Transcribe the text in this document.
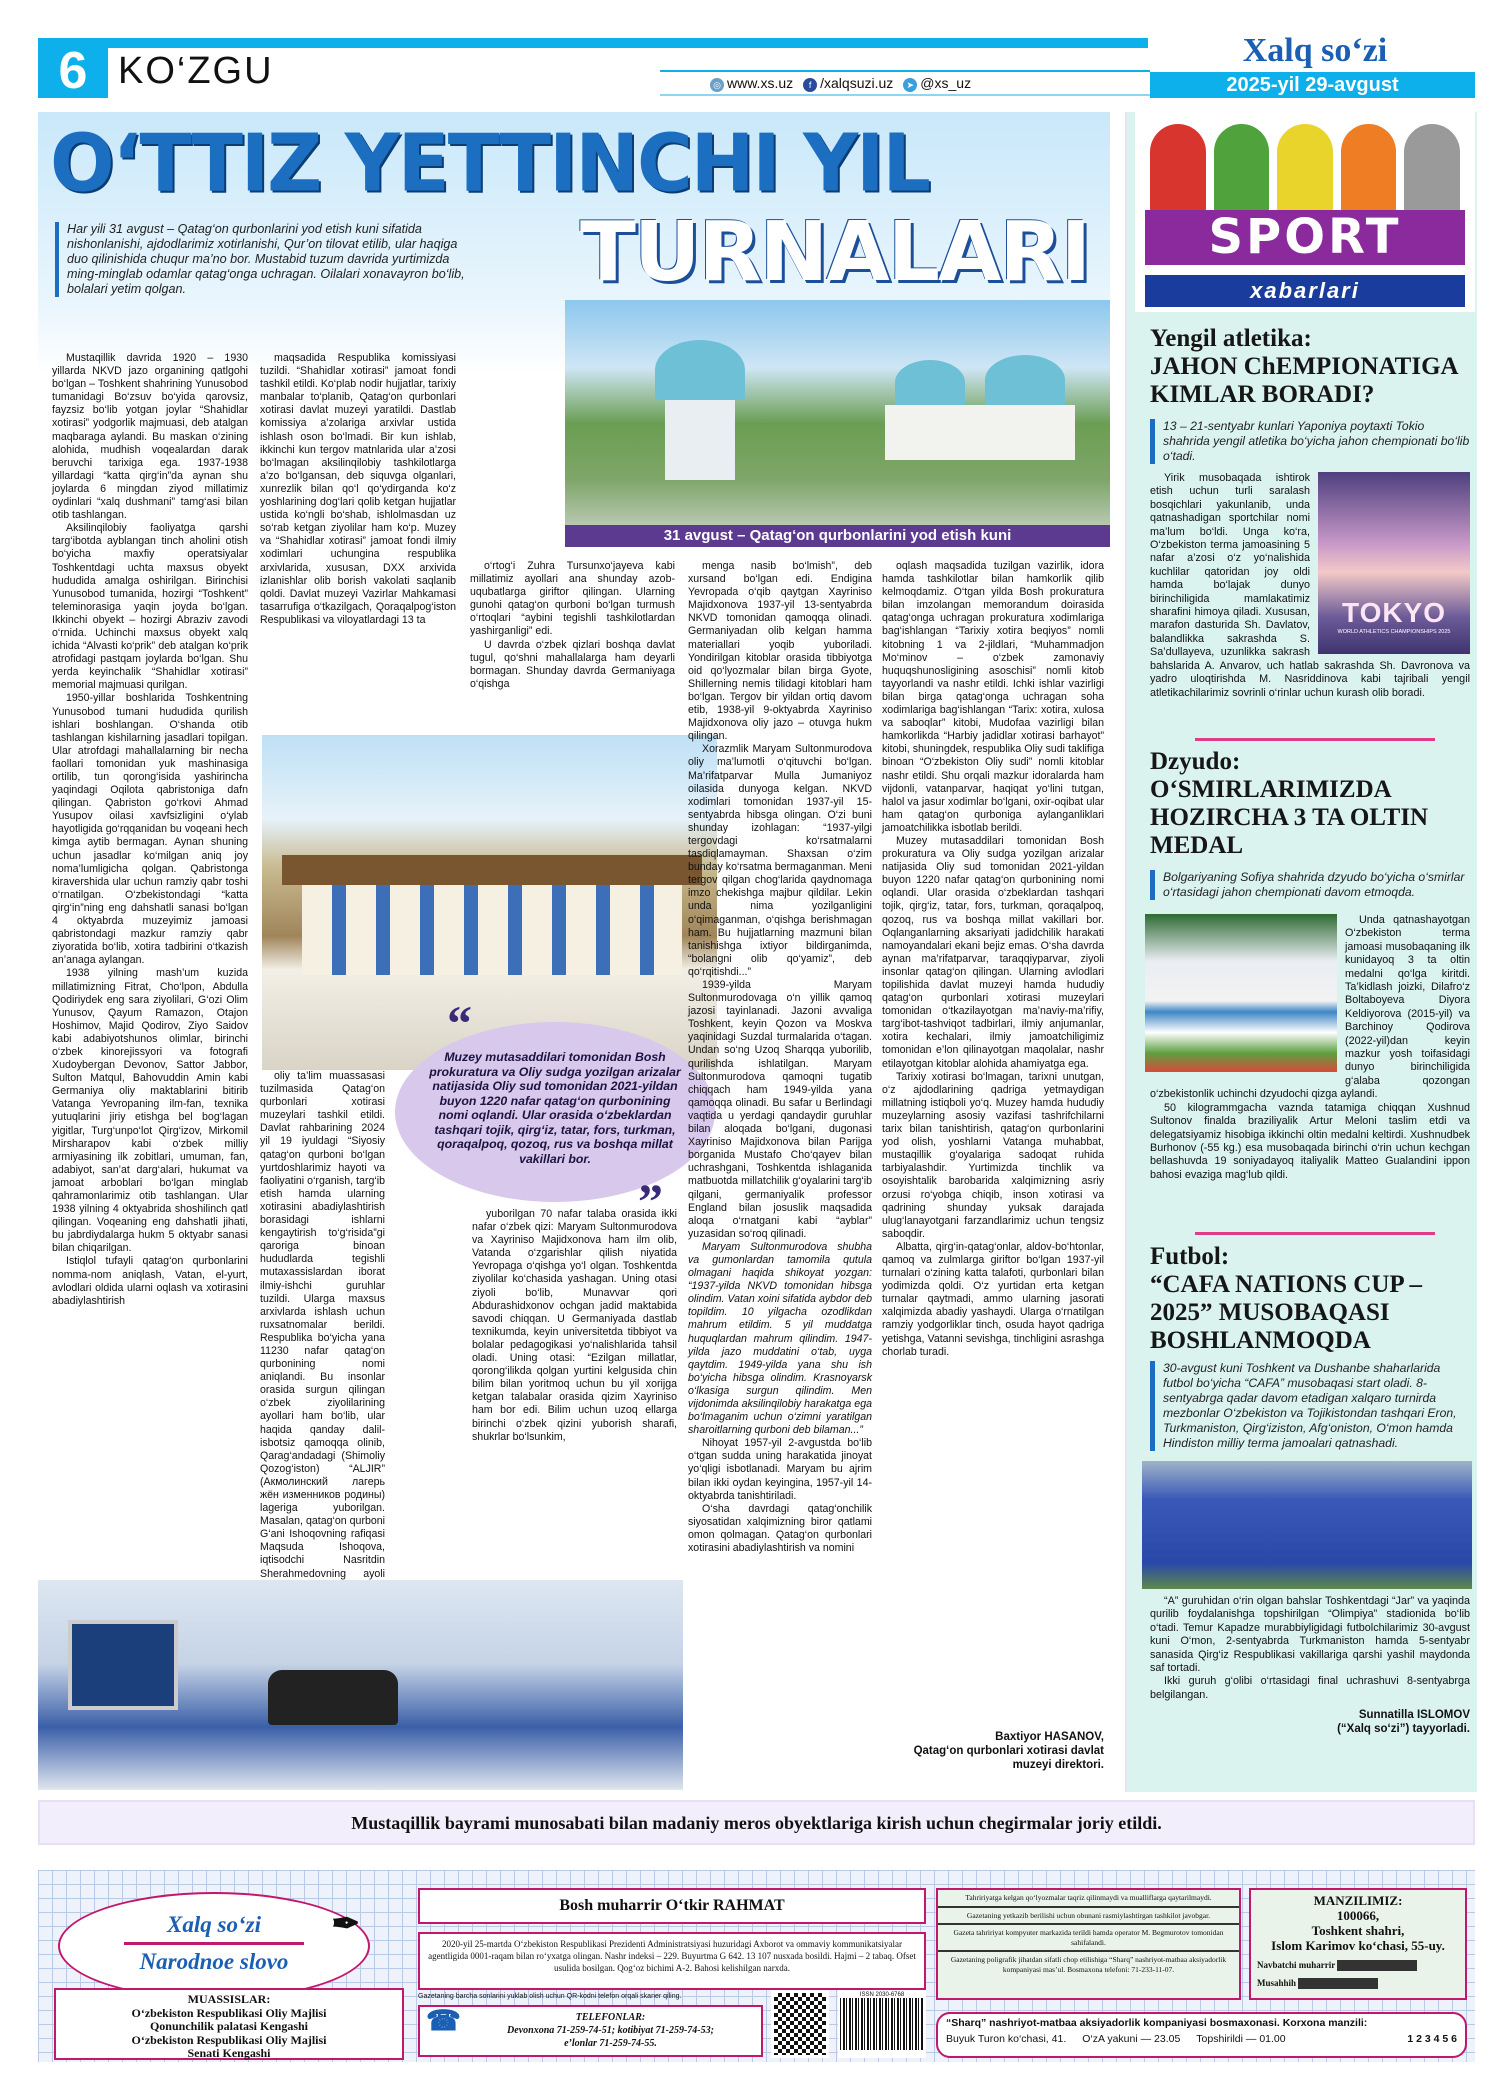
6 KO‘ZGU	◎ www.xs.uz	f /xalqsuzi.uz	➤ @xs_uz
Xalq so‘zi
2025-yil 29-avgust
O‘TTIZ YETTINCHI YIL
TURNALARI
Har yili 31 avgust – Qatag‘on qurbonlarini yod etish kuni sifatida nishonlanishi, ajdodlarimiz xotirlanishi, Qur’on tilovat etilib, ular haqiga duo qilinishida chuqur ma’no bor. Mustabid tuzum davrida yurtimizda ming-minglab odamlar qatag‘onga uchragan. Oilalari xonavayron bo‘lib, bolalari yetim qolgan.
31 avgust – Qatag‘on qurbonlarini yod etish kuni

Mustaqillik davrida 1920 – 1930 yillarda NKVD jazo organining qatlgohi bo‘lgan – Toshkent shahrining Yunusobod tumanidagi Bo‘zsuv bo‘yida qarovsiz, fayzsiz bo‘lib yotgan joylar “Shahidlar xotirasi” yodgorlik majmuasi, deb atalgan maqbaraga aylandi. Bu maskan o‘zining alohida, mudhish voqealardan darak beruvchi tarixiga ega. 1937-1938 yillardagi “katta qirg‘in”da aynan shu joylarda 6 mingdan ziyod millatimiz oydinlari “xalq dushmani” tamg‘asi bilan otib tashlangan.

Aksilinqilobiy faoliyatga qarshi targ‘ibotda ayblangan tinch aholini otish bo‘yicha maxfiy operatsiyalar Toshkentdagi uchta maxsus obyekt hududida amalga oshirilgan. Birinchisi Yunusobod tumanida, hozirgi “Toshkent” teleminorasiga yaqin joyda bo‘lgan. Ikkinchi obyekt – hozirgi Abraziv zavodi o‘rnida. Uchinchi maxsus obyekt xalq ichida “Alvasti ko‘prik” deb atalgan ko‘prik atrofidagi pastqam joylarda bo‘lgan. Shu yerda keyinchalik “Shahidlar xotirasi” memorial majmuasi qurilgan.

1950-yillar boshlarida Toshkentning Yunusobod tumani hududida qurilish ishlari boshlangan. O‘shanda otib tashlangan kishilarning jasadlari topilgan. Ular atrofdagi mahallalarning bir necha faollari tomonidan yuk mashinasiga ortilib, tun qorong‘isida yashirincha yaqindagi Oqilota qabristoniga dafn qilingan. Qabriston go‘rkovi Ahmad Yusupov oilasi xavfsizligini o‘ylab hayotligida go‘rqqanidan bu voqeani hech kimga aytib bermagan. Aynan shuning uchun jasadlar ko‘milgan aniq joy noma’lumligicha qolgan. Qabristonga kiravershida ular uchun ramziy qabr toshi o‘rnatilgan. O‘zbekistondagi “katta qirg‘in”ning eng dahshatli sanasi bo‘lgan 4 oktyabrda muzeyimiz jamoasi qabristondagi mazkur ramziy qabr ziyoratida bo‘lib, xotira tadbirini o‘tkazish an’anaga aylangan.

1938 yilning mash’um kuzida millatimizning Fitrat, Cho‘lpon, Abdulla Qodiriydek eng sara ziyolilari, G‘ozi Olim Yunusov, Qayum Ramazon, Otajon Hoshimov, Majid Qodirov, Ziyo Saidov kabi adabiyotshunos olimlar, birinchi o‘zbek kinorejissyori va fotografi Xudoybergan Devonov, Sattor Jabbor, Sulton Matqul, Bahovuddin Amin kabi Germaniya oliy maktablarini bitirib Vatanga Yevropaning ilm-fan, texnika yutuqlarini jiriy etishga bel bog‘lagan yigitlar, Turg‘unpo‘lot Qirg‘izov, Mirkomil Mirsharapov kabi o‘zbek milliy armiyasining ilk zobitlari, umuman, fan, adabiyot, san’at darg‘alari, hukumat va jamoat arboblari bo‘lgan minglab qahramonlarimiz otib tashlangan. Ular 1938 yilning 4 oktyabrida shoshilinch qatl qilingan. Voqeaning eng dahshatli jihati, bu jabrdiydalarga hukm 5 oktyabr sanasi bilan chiqarilgan.

Istiqlol tufayli qatag‘on qurbonlarini nomma-nom aniqlash, Vatan, el-yurt, avlodlari oldida ularni oqlash va xotirasini abadiylashtirish

maqsadida Respublika komissiyasi tuzildi. “Shahidlar xotirasi” jamoat fondi tashkil etildi. Ko‘plab nodir hujjatlar, tarixiy manbalar to‘planib, Qatag‘on qurbonlari xotirasi davlat muzeyi yaratildi. Dastlab komissiya a’zolariga arxivlar ustida ishlash oson bo‘lmadi. Bir kun ishlab, ikkinchi kun tergov matnlarida ular a’zosi bo‘lmagan aksilinqilobiy tashkilotlarga a’zo bo‘lgansan, deb siquvga olganlari, xunrezlik bilan qo‘l qo‘ydirganda ko‘z yoshlarining dog‘lari qolib ketgan hujjatlar ustida ko‘ngli bo‘shab, ishlolmasdan uz so‘rab ketgan ziyolilar ham ko‘p. Muzey va “Shahidlar xotirasi” jamoat fondi ilmiy xodimlari uchungina respublika arxivlarida, xususan, DXX arxivida izlanishlar olib borish vakolati saqlanib qoldi. Davlat muzeyi Vazirlar Mahkamasi tasarrufiga o‘tkazilgach, Qoraqalpog‘iston Respublikasi va viloyatlardagi 13 ta

o‘rtog‘i Zuhra Tursunxo‘jayeva kabi millatimiz ayollari ana shunday azob-uqubatlarga giriftor qilingan. Ularning gunohi qatag‘on qurboni bo‘lgan turmush o‘rtoqlari “aybini tegishli tashkilotlardan yashirganligi” edi.

U davrda o‘zbek qizlari boshqa davlat tugul, qo‘shni mahallalarga ham deyarli bormagan. Shunday davrda Germaniyaga o‘qishga

oliy ta’lim muassasasi tuzilmasida Qatag‘on qurbonlari xotirasi muzeylari tashkil etildi. Davlat rahbarining 2024 yil 19 iyuldagi “Siyosiy qatag‘on qurboni bo‘lgan yurtdoshlarimiz hayoti va faoliyatini o‘rganish, targ‘ib etish hamda ularning xotirasini abadiylashtirish borasidagi ishlarni kengaytirish to‘g‘risida”gi qaroriga binoan hududlarda tegishli mutaxassislardan iborat ilmiy-ishchi guruhlar tuzildi. Ularga maxsus arxivlarda ishlash uchun ruxsatnomalar berildi. Respublika bo‘yicha yana 11230 nafar qatag‘on qurbonining nomi aniqlandi. Bu insonlar orasida surgun qilingan o‘zbek ziyolilarining ayollari ham bo‘lib, ular haqida qanday dalil-isbotsiz qamoqqa olinib, Qarag‘andadagi (Shimoliy Qozog‘iston) “ALJIR” (Акмолинский лагерь жён изменников родины) lageriga yuborilgan. Masalan, qatag‘on qurboni G‘ani Ishoqovning rafiqasi Maqsuda Ishoqova, iqtisodchi Nasritdin Sherahmedovning ayoli

“
Muzey mutasaddilari tomonidan Bosh prokuratura va Oliy sudga yozilgan arizalar natijasida Oliy sud tomonidan 2021-yildan buyon 1220 nafar qatag‘on qurbonining nomi oqlandi. Ular orasida o‘zbeklardan tashqari tojik, qirg‘iz, tatar, fors, turkman, qoraqalpoq, qozoq, rus va boshqa millat vakillari bor.
”

yuborilgan 70 nafar talaba orasida ikki nafar o‘zbek qizi: Maryam Sultonmurodova va Xayriniso Majidxonova ham ilm olib, Vatanda o‘zgarishlar qilish niyatida Yevropaga o‘qishga yo‘l olgan. Toshkentda ziyolilar ko‘chasida yashagan. Uning otasi ziyoli bo‘lib, Munavvar qori Abdurashidxonov ochgan jadid maktabida savodi chiqqan. U Germaniyada dastlab texnikumda, keyin universitetda tibbiyot va bolalar pedagogikasi yo‘nalishlarida tahsil oladi. Uning otasi: “Ezilgan millatlar, qorong‘ilikda qolgan yurtini kelgusida chin bilim bilan yoritmoq uchun bu yil xorijga ketgan talabalar orasida qizim Xayriniso ham bor edi. Bilim uchun uzoq ellarga birinchi o‘zbek qizini yuborish sharafi, shukrlar bo‘lsunkim,

menga nasib bo‘lmish”, deb xursand bo‘lgan edi. Endigina Yevropada o‘qib qaytgan Xayriniso Majidxonova 1937-yil 13-sentyabrda NKVD tomonidan qamoqqa olinadi. Germaniyadan olib kelgan hamma materiallari yoqib yuboriladi. Yondirilgan kitoblar orasida tibbiyotga oid qo‘lyozmalar bilan birga Gyote, Shillerning nemis tilidagi kitoblari ham bo‘lgan. Tergov bir yildan ortiq davom etib, 1938-yil 9-oktyabrda Xayriniso Majidxonova oliy jazo – otuvga hukm qilingan.

Xorazmlik Maryam Sultonmurodova oliy ma’lumotli o‘qituvchi bo‘lgan. Ma’rifatparvar Mulla Jumaniyoz oilasida dunyoga kelgan. NKVD xodimlari tomonidan 1937-yil 15-sentyabrda hibsga olingan. O‘zi buni shunday izohlagan: “1937-yilgi tergovdagi ko‘rsatmalarni tasdiqlamayman. Shaxsan o‘zim bunday ko‘rsatma bermaganman. Meni tergov qilgan chog‘larida qaydnomaga imzo chekishga majbur qildilar. Lekin unda nima yozilganligini o‘qimaganman, o‘qishga berishmagan ham. Bu hujjatlarning mazmuni bilan tanishishga ixtiyor bildirganimda, “bolangni olib qo‘yamiz”, deb qo‘rqitishdi...”

1939-yilda Maryam Sultonmurodovaga o‘n yillik qamoq jazosi tayinlanadi. Jazoni avvaliga Toshkent, keyin Qozon va Moskva yaqinidagi Suzdal turmalarida o‘tagan. Undan so‘ng Uzoq Sharqqa yuborilib, qurilishda ishlatilgan. Maryam Sultonmurodova qamoqni tugatib chiqqach ham 1949-yilda yana qamoqqa olinadi. Bu safar u Berlindagi vaqtida u yerdagi qandaydir guruhlar bilan aloqada bo‘lgani, dugonasi Xayriniso Majidxonova bilan Parijga borganida Mustafo Cho‘qayev bilan uchrashgani, Toshkentda ishlaganida matbuotda millatchilik g‘oyalarini targ‘ib qilgani, germaniyalik professor England bilan josuslik maqsadida aloqa o‘rnatgani kabi “ayblar” yuzasidan so‘roq qilinadi.

Maryam Sultonmurodova shubha va gumonlardan tamomila qutula olmagani haqida shikoyat yozgan: “1937-yilda NKVD tomonidan hibsga olindim. Vatan xoini sifatida aybdor deb topildim. 10 yilgacha ozodlikdan mahrum etildim. 5 yil muddatga huquqlardan mahrum qilindim. 1947-yilda jazo muddatini o‘tab, uyga qaytdim. 1949-yilda yana shu ish bo‘yicha hibsga olindim. Krasnoyarsk o‘lkasiga surgun qilindim. Men vijdonimda aksilinqilobiy harakatga ega bo‘lmaganim uchun o‘zimni yaratilgan sharoitlarning qurboni deb bilaman...”

Nihoyat 1957-yil 2-avgustda bo‘lib o‘tgan sudda uning harakatida jinoyat yo‘qligi isbotlanadi. Maryam bu ajrim bilan ikki oydan keyingina, 1957-yil 14-oktyabrda tanishtiriladi.

O‘sha davrdagi qatag‘onchilik siyosatidan xalqimizning biror qatlami omon qolmagan. Qatag‘on qurbonlari xotirasini abadiylashtirish va nomini

oqlash maqsadida tuzilgan vazirlik, idora hamda tashkilotlar bilan hamkorlik qilib kelmoqdamiz. O‘tgan yilda Bosh prokuratura bilan imzolangan memorandum doirasida qatag‘onga uchragan prokuratura xodimlariga bag‘ishlangan “Tarixiy xotira beqiyos” nomli kitobning 1 va 2-jildlari, “Muhammadjon Mo‘minov – o‘zbek zamonaviy huquqshunosligining asoschisi” nomli kitob tayyorlandi va nashr etildi. Ichki ishlar vazirligi bilan birga qatag‘onga uchragan soha xodimlariga bag‘ishlangan “Tarix: xotira, xulosa va saboqlar” kitobi, Mudofaa vazirligi bilan hamkorlikda “Harbiy jadidlar xotirasi barhayot” kitobi, shuningdek, respublika Oliy sudi taklifiga binoan “O‘zbekiston Oliy sudi” nomli kitoblar nashr etildi. Shu orqali mazkur idoralarda ham vijdonli, vatanparvar, haqiqat yo‘lini tutgan, halol va jasur xodimlar bo‘lgani, oxir-oqibat ular ham qatag‘on qurboniga aylanganliklari jamoatchilikka isbotlab berildi.

Muzey mutasaddilari tomonidan Bosh prokuratura va Oliy sudga yozilgan arizalar natijasida Oliy sud tomonidan 2021-yildan buyon 1220 nafar qatag‘on qurbonining nomi oqlandi. Ular orasida o‘zbeklardan tashqari tojik, qirg‘iz, tatar, fors, turkman, qoraqalpoq, qozoq, rus va boshqa millat vakillari bor. Oqlanganlarning aksariyati jadidchilik harakati namoyandalari ekani bejiz emas. O‘sha davrda aynan ma’rifatparvar, taraqqiyparvar, ziyoli insonlar qatag‘on qilingan. Ularning avlodlari topilishida davlat muzeyi hamda hududiy qatag‘on qurbonlari xotirasi muzeylari tomonidan o‘tkazilayotgan ma’naviy-ma’rifiy, targ‘ibot-tashviqot tadbirlari, ilmiy anjumanlar, xotira kechalari, ilmiy jamoatchiligimiz tomonidan e’lon qilinayotgan maqolalar, nashr etilayotgan kitoblar alohida ahamiyatga ega.

Tarixiy xotirasi bo‘lmagan, tarixni unutgan, o‘z ajdodlarining qadriga yetmaydigan millatning istiqboli yo‘q. Muzey hamda hududiy muzeylarning asosiy vazifasi tashrifchilarni tarix bilan tanishtirish, qatag‘on qurbonlarini yod olish, yoshlarni Vatanga muhabbat, mustaqillik g‘oyalariga sadoqat ruhida tarbiyalashdir. Yurtimizda tinchlik va osoyishtalik barobarida xalqimizning asriy orzusi ro‘yobga chiqib, inson xotirasi va qadrining shunday yuksak darajada ulug‘lanayotgani farzandlarimiz uchun tengsiz saboqdir.

Albatta, qirg‘in-qatag‘onlar, aldov-bo‘htonlar, qamoq va zulmlarga giriftor bo‘lgan 1937-yil turnalari o‘zining katta talafoti, qurbonlari bilan yodimizda qoldi. O‘z yurtidan erta ketgan turnalar qaytmadi, ammo ularning jasorati xalqimizda abadiy yashaydi. Ularga o‘rnatilgan ramziy yodgorliklar tinch, osuda hayot qadriga yetishga, Vatanni sevishga, tinchligini asrashga chorlab turadi.

Baxtiyor HASANOV,
Qatag‘on qurbonlari xotirasi davlat muzeyi direktori.
SPORT
xabarlari
Yengil atletika:
JAHON ChEMPIONATIGA KIMLAR BORADI?
13 – 21-sentyabr kunlari Yaponiya poytaxti Tokio shahrida yengil atletika bo‘yicha jahon chempionati bo‘lib o‘tadi.
TOKYO
WORLD ATHLETICS CHAMPIONSHIPS 2025

Yirik musobaqada ishtirok etish uchun turli saralash bosqichlari yakunlanib, unda qatnashadigan sportchilar nomi ma’lum bo‘ldi. Unga ko‘ra, O‘zbekiston terma jamoasining 5 nafar a’zosi o‘z yo‘nalishida kuchlilar qatoridan joy oldi hamda bo‘lajak dunyo birinchiligida mamlakatimiz sharafini himoya qiladi. Xususan, marafon dasturida Sh. Davlatov, balandlikka sakrashda S. Sa’dullayeva, uzunlikka sakrash bahslarida A. Anvarov, uch hatlab sakrashda Sh. Davronova va yadro uloqtirishda M. Nasriddinova kabi tajribali yengil atletikachilarimiz sovrinli o‘rinlar uchun kurash olib boradi.

Dzyudo:
O‘SMIRLARIMIZDA HOZIRCHA 3 TA OLTIN MEDAL
Bolgariyaning Sofiya shahrida dzyudo bo‘yicha o‘smirlar o‘rtasidagi jahon chempionati davom etmoqda.

Unda qatnashayotgan O‘zbekiston terma jamoasi musobaqaning ilk kunidayoq 3 ta oltin medalni qo‘lga kiritdi. Ta’kidlash joizki, Dilafro‘z Boltaboyeva Diyora Keldiyorova (2015-yil) va Barchinoy Qodirova (2022-yil)dan keyin mazkur yosh toifasidagi dunyo birinchiligida g‘alaba qozongan o‘zbekistonlik uchinchi dzyudochi qizga aylandi.

50 kilogrammgacha vaznda tatamiga chiqqan Xushnud Sultonov finalda braziliyalik Artur Meloni taslim etdi va delegatsiyamiz hisobiga ikkinchi oltin medalni keltirdi. Xushnudbek Burhonov (-55 kg.) esa musobaqada birinchi o‘rin uchun kechgan bellashuvda 19 soniyadayoq italiyalik Matteo Gualandini ippon bahosi evaziga mag‘lub qildi.

Futbol:
“CAFA NATIONS CUP – 2025” MUSOBAQASI BOSHLANMOQDA
30-avgust kuni Toshkent va Dushanbe shaharlarida futbol bo‘yicha “CAFA” musobaqasi start oladi. 8-sentyabrga qadar davom etadigan xalqaro turnirda mezbonlar O‘zbekiston va Tojikistondan tashqari Eron, Turkmaniston, Qirg‘iziston, Afg‘oniston, O‘mon hamda Hindiston milliy terma jamoalari qatnashadi.

“A” guruhidan o‘rin olgan bahslar Toshkentdagi “Jar” va yaqinda qurilib foydalanishga topshirilgan “Olimpiya” stadionida bo‘lib o‘tadi. Temur Kapadze murabbiyligidagi futbolchilarimiz 30-avgust kuni O‘mon, 2-sentyabrda Turkmaniston hamda 5-sentyabr sanasida Qirg‘iz Respublikasi vakillariga qarshi yashil maydonda saf tortadi.

Ikki guruh g‘olibi o‘rtasidagi final uchrashuvi 8-sentyabrga belgilangan.

Sunnatilla ISLOMOV
(“Xalq so‘zi”) tayyorladi.
Mustaqillik bayrami munosabati bilan madaniy meros obyektlariga kirish uchun chegirmalar joriy etildi.
Xalq so‘zi
Narodnoe slovo
✒
MUASSISLAR:
O‘zbekiston Respublikasi Oliy Majlisi
Qonunchilik palatasi Kengashi
O‘zbekiston Respublikasi Oliy Majlisi
Senati Kengashi
Bosh muharrir O‘tkir RAHMAT
2020-yil 25-martda O‘zbekiston Respublikasi Prezidenti Administratsiyasi huzuridagi Axborot va ommaviy kommunikatsiyalar agentligida 0001-raqam bilan ro‘yxatga olingan. Nashr indeksi – 229. Buyurtma G 642. 13 107 nusxada bosildi. Hajmi – 2 tabaq. Ofset usulida bosilgan. Qog‘oz bichimi A-2. Bahosi kelishilgan narxda.
Gazetaning barcha sonlarini yuklab olish uchun QR-kodni telefon orqali skaner qiling.
☎	TELEFONLAR:
Devonxona 71-259-74-51; kotibiyat 71-259-74-53;
e’lonlar 71-259-74-55.
ISSN 2030-6768
Tahririyatga kelgan qo‘lyozmalar taqriz qilinmaydi va mualliflarga qaytarilmaydi.
Gazetaning yetkazib berilishi uchun obunani rasmiylashtirgan tashkilot javobgar.
Gazeta tahririyat kompyuter markazida terildi hamda operator M. Begmurotov tomonidan sahifalandi.
Gazetaning poligrafik jihatdan sifatli chop etilishiga “Sharq” nashriyot-matbaa aksiyadorlik kompaniyasi mas’ul. Bosmaxona telefoni: 71-233-11-07.
MANZILIMIZ:
100066,
Toshkent shahri,
Islom Karimov ko‘chasi, 55-uy.
Navbatchi muharrir
Musahhih
“Sharq” nashriyot-matbaa aksiyadorlik kompaniyasi bosmaxonasi. Korxona manzili:
Buyuk Turon ko‘chasi, 41. O‘zA yakuni — 23.05 Topshirildi — 01.00	1 2 3 4 5 6
